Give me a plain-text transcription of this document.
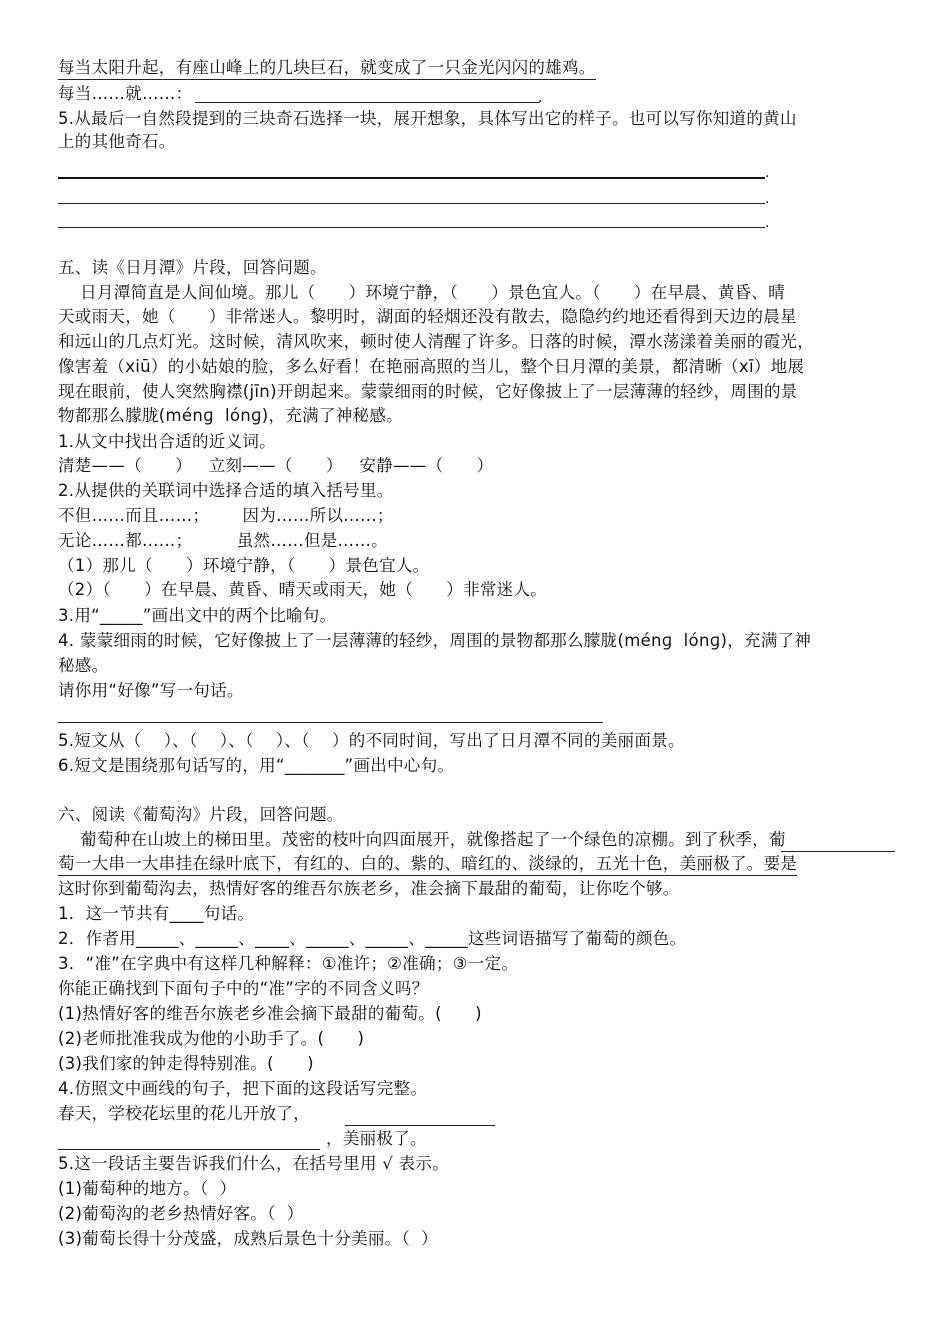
每当太阳升起，有座山峰上的几块巨石，就变成了一只金光闪闪的雄鸡。

每当……就……：	.

5.从最后一自然段提到的三块奇石选择一块，展开想象，具体写出它的样子。也可以写你知道的黄山

上的其他奇石。

.
.
.

五、读《日月潭》片段，回答问题。

日月潭简直是人间仙境。那儿（      ）环境宁静，（      ）景色宜人。（      ）在早晨、黄昏、晴

天或雨天，她（      ）非常迷人。黎明时，湖面的轻烟还没有散去，隐隐约约地还看得到天边的晨星

和远山的几点灯光。这时候，清风吹来，顿时使人清醒了许多。日落的时候，潭水荡漾着美丽的霞光，

像害羞（xiū）的小姑娘的脸，多么好看！在艳丽高照的当儿，整个日月潭的美景，都清晰（xī）地展

现在眼前，使人突然胸襟(jīn)开朗起来。蒙蒙细雨的时候，它好像披上了一层薄薄的轻纱，周围的景

物都那么朦胧(ménɡ  lónɡ)，充满了神秘感。

1.从文中找出合适的近义词。

清楚——（      ）   立刻——（      ）   安静——（      ）

2.从提供的关联词中选择合适的填入括号里。

不但……而且……；      因为……所以……；

无论……都……；        虽然……但是……。

（1）那儿（      ）环境宁静，（      ）景色宜人。

（2）（      ）在早晨、黄昏、晴天或雨天，她（      ）非常迷人。

3.用“_____”画出文中的两个比喻句。

4. 蒙蒙细雨的时候，它好像披上了一层薄薄的轻纱，周围的景物都那么朦胧(ménɡ  lónɡ)，充满了神

秘感。

请你用“好像”写一句话。

5.短文从（    ）、（    ）、（    ）、（    ）的不同时间，写出了日月潭不同的美丽面景。

6.短文是围绕那句话写的，用“_______”画出中心句。

六、阅读《葡萄沟》片段，回答问题。

葡萄种在山坡上的梯田里。茂密的枝叶向四面展开，就像搭起了一个绿色的凉棚。到了秋季，葡

萄一大串一大串挂在绿叶底下，有红的、白的、紫的、暗红的、淡绿的，五光十色，美丽极了。要是

这时你到葡萄沟去，热情好客的维吾尔族老乡，准会摘下最甜的葡萄，让你吃个够。

1．这一节共有____句话。

2．作者用_____、_____、____、_____、_____、_____这些词语描写了葡萄的颜色。

3．“准”在字典中有这样几种解释：①准许；②准确；③一定。

你能正确找到下面句子中的“准”字的不同含义吗？

(1)热情好客的维吾尔族老乡准会摘下最甜的葡萄。(      )

(2)老师批准我成为他的小助手了。(      )

(3)我们家的钟走得特别准。(      )

4.仿照文中画线的句子，把下面的这段话写完整。

春天，学校花坛里的花儿开放了，

，美丽极了。

5.这一段话主要告诉我们什么，在括号里用 √ 表示。

(1)葡萄种的地方。（  ）

(2)葡萄沟的老乡热情好客。（  ）

(3)葡萄长得十分茂盛，成熟后景色十分美丽。（  ）
